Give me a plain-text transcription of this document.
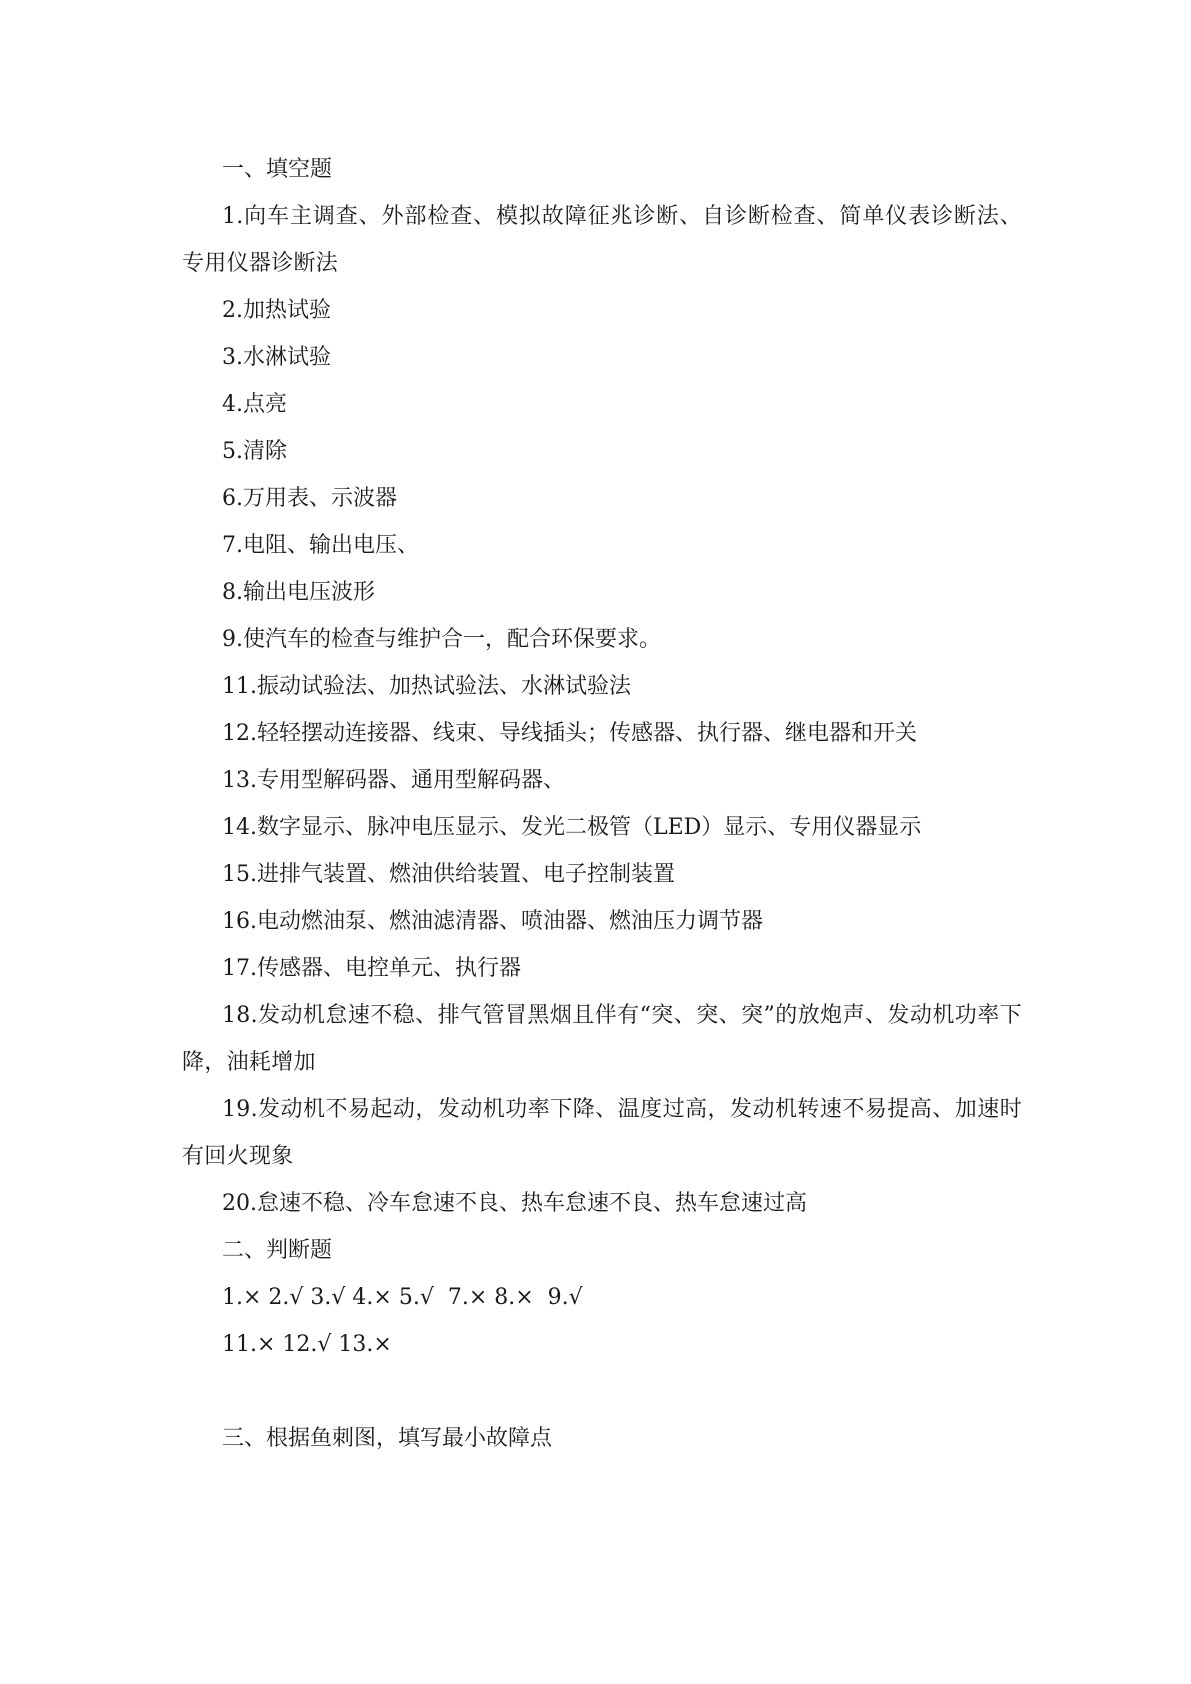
一、填空题

1.向车主调查、外部检查、模拟故障征兆诊断、自诊断检查、简单仪表诊断法、专用仪器诊断法

2.加热试验

3.水淋试验

4.点亮

5.清除

6.万用表、示波器

7.电阻、输出电压、

8.输出电压波形

9.使汽车的检查与维护合一，配合环保要求。

11.振动试验法、加热试验法、水淋试验法

12.轻轻摆动连接器、线束、导线插头；传感器、执行器、继电器和开关

13.专用型解码器、通用型解码器、

14.数字显示、脉冲电压显示、发光二极管（LED）显示、专用仪器显示

15.进排气装置、燃油供给装置、电子控制装置

16.电动燃油泵、燃油滤清器、喷油器、燃油压力调节器

17.传感器、电控单元、执行器

18.发动机怠速不稳、排气管冒黑烟且伴有“突、突、突”的放炮声、发动机功率下降，油耗增加

19.发动机不易起动，发动机功率下降、温度过高，发动机转速不易提高、加速时有回火现象

20.怠速不稳、冷车怠速不良、热车怠速不良、热车怠速过高

二、判断题

1.× 2.√ 3.√ 4.× 5.√  7.× 8.×  9.√

11.× 12.√ 13.×

三、根据鱼刺图，填写最小故障点
